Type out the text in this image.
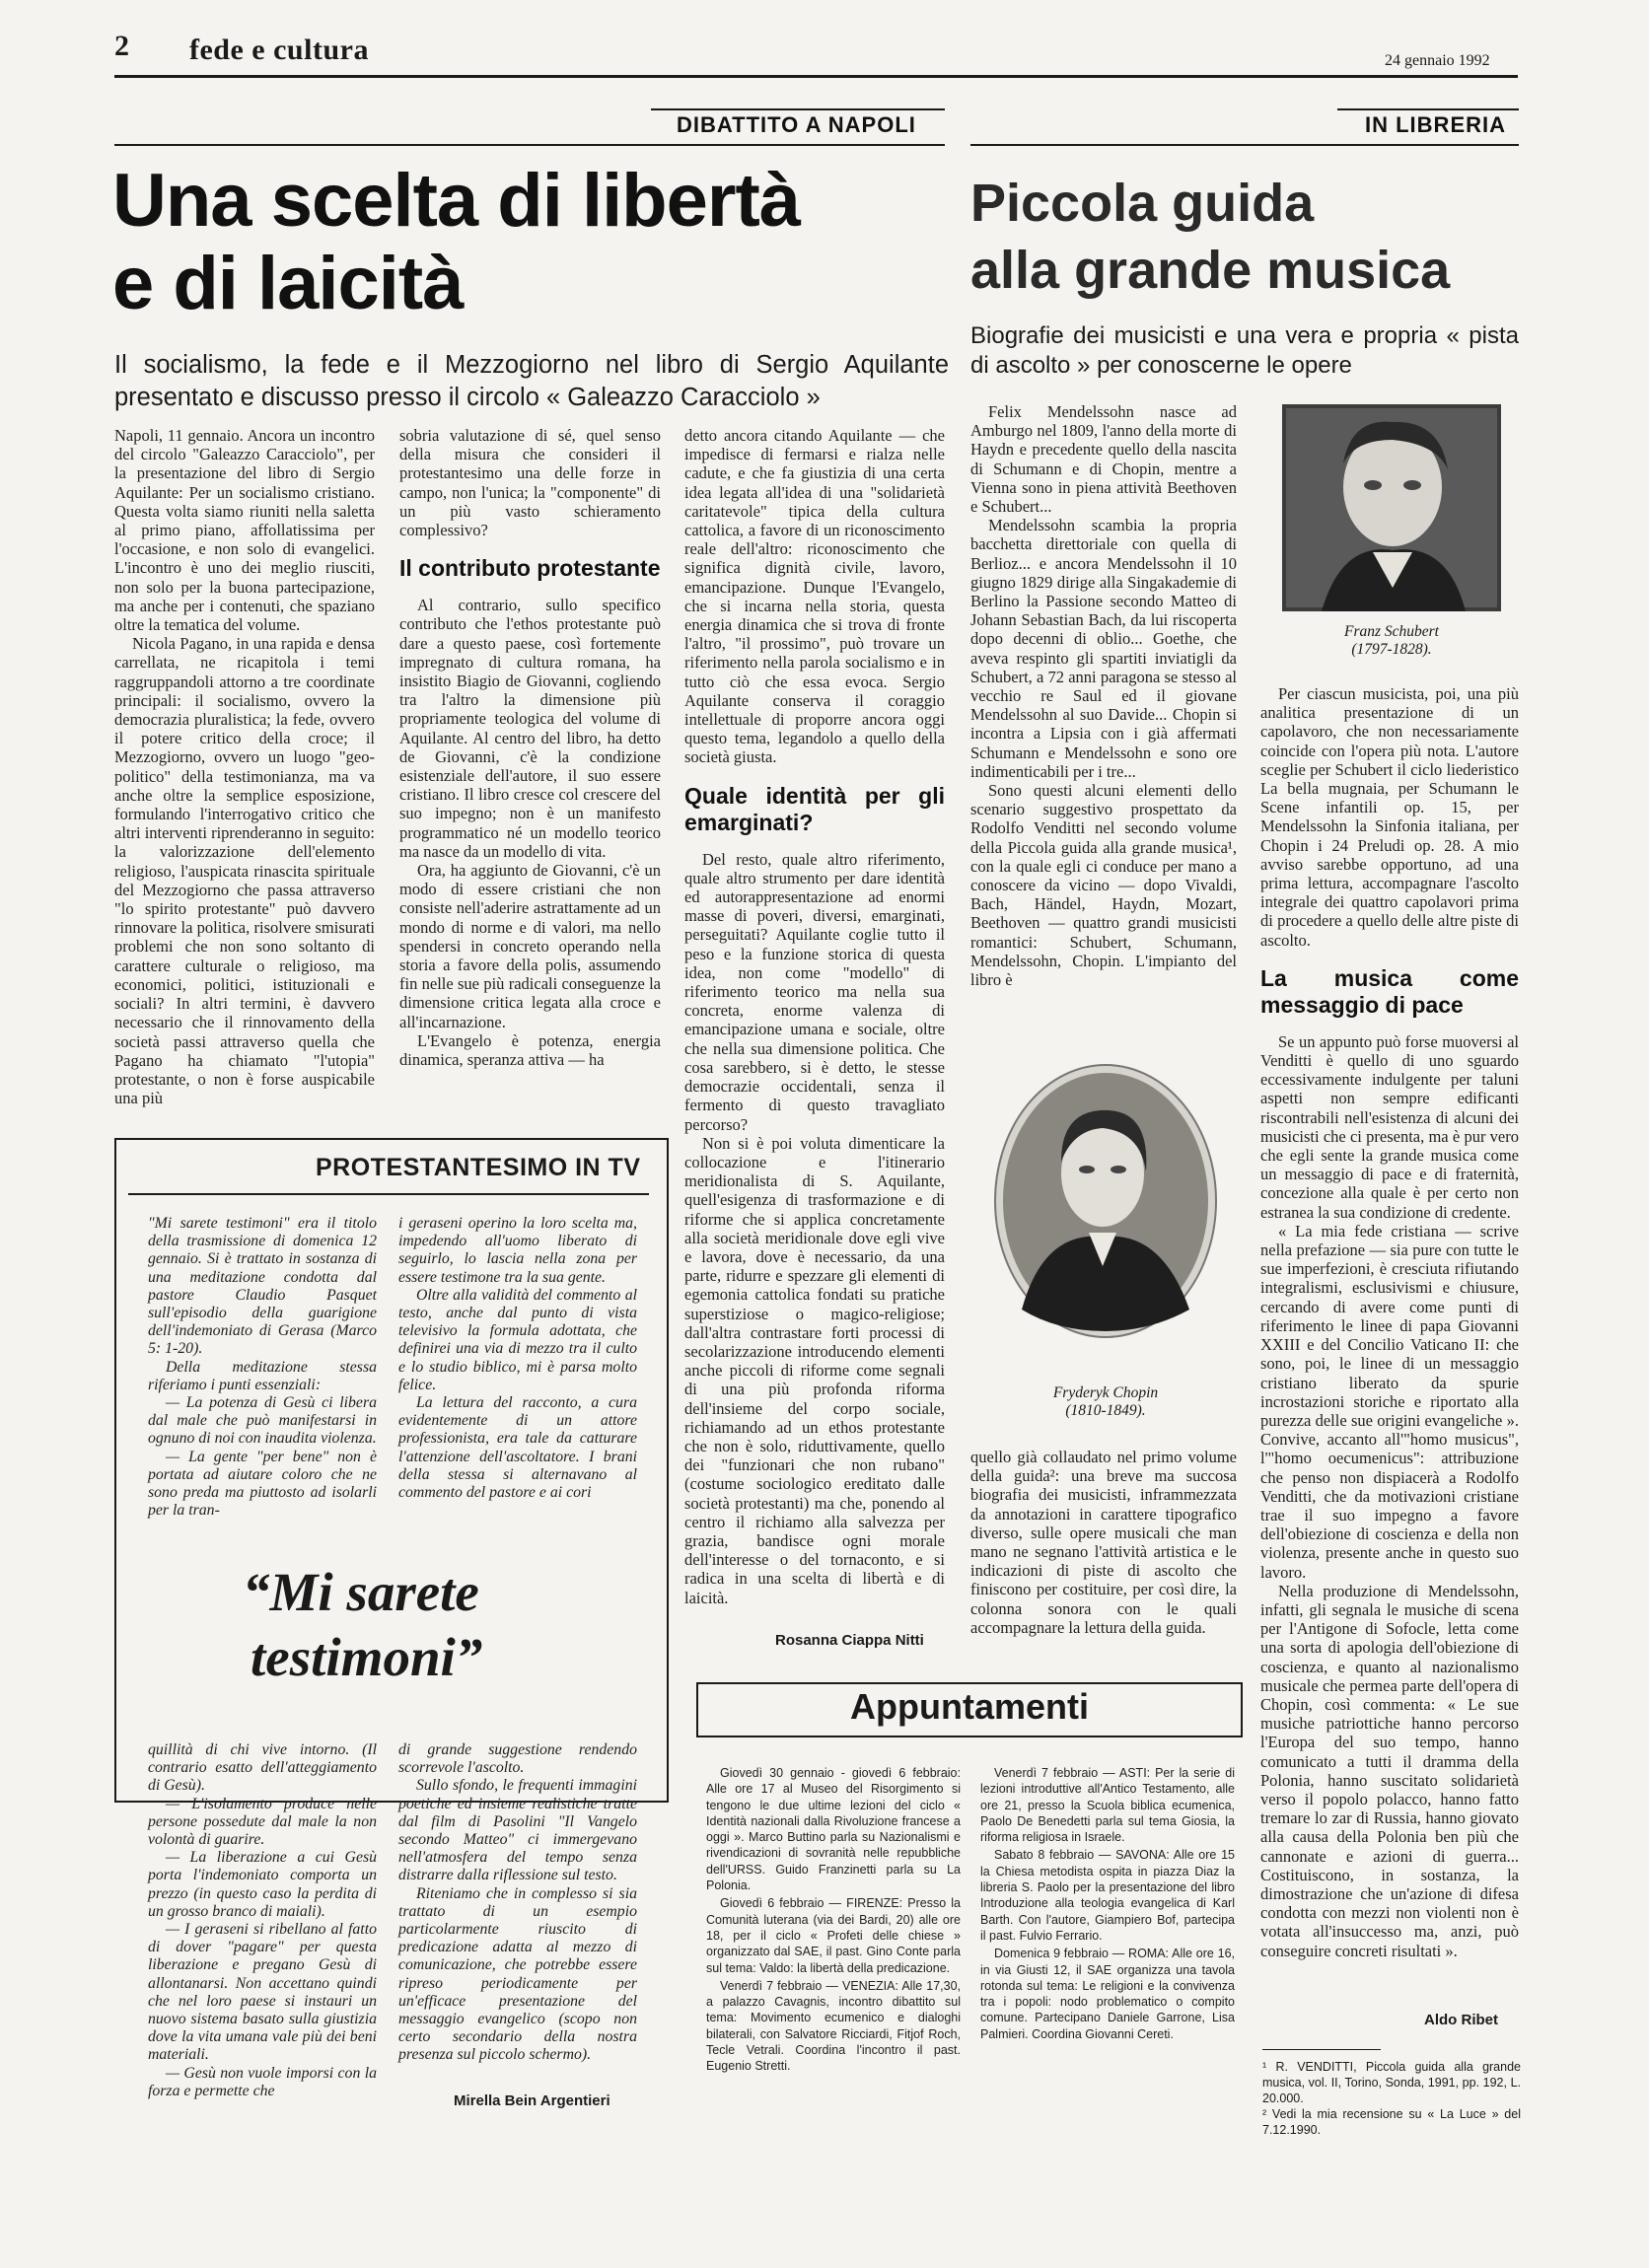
2 fede e cultura	24 gennaio 1992
DIBATTITO A NAPOLI
Una scelta di libertà
e di laicità
Il socialismo, la fede e il Mezzogiorno nel libro di Sergio Aquilante presentato e discusso presso il circolo « Galeazzo Caracciolo »

Napoli, 11 gennaio. Ancora un incontro del circolo "Galeazzo Caracciolo", per la presentazione del libro di Sergio Aquilante: Per un socialismo cristiano. Questa volta siamo riuniti nella saletta al primo piano, affollatissima per l'occasione, e non solo di evangelici. L'incontro è uno dei meglio riusciti, non solo per la buona partecipazione, ma anche per i contenuti, che spaziano oltre la tematica del volume.

Nicola Pagano, in una rapida e densa carrellata, ne ricapitola i temi raggruppandoli attorno a tre coordinate principali: il socialismo, ovvero la democrazia pluralistica; la fede, ovvero il potere critico della croce; il Mezzogiorno, ovvero un luogo "geo-politico" della testimonianza, ma va anche oltre la semplice esposizione, formulando l'interrogativo critico che altri interventi riprenderanno in seguito: la valorizzazione dell'elemento religioso, l'auspicata rinascita spirituale del Mezzogiorno che passa attraverso "lo spirito protestante" può davvero rinnovare la politica, risolvere smisurati problemi che non sono soltanto di carattere culturale o religioso, ma economici, politici, istituzionali e sociali? In altri termini, è davvero necessario che il rinnovamento della società passi attraverso quella che Pagano ha chiamato "l'utopia" protestante, o non è forse auspicabile una più

sobria valutazione di sé, quel senso della misura che consideri il protestantesimo una delle forze in campo, non l'unica; la "componente" di un più vasto schieramento complessivo?

Il contributo protestante

Al contrario, sullo specifico contributo che l'ethos protestante può dare a questo paese, così fortemente impregnato di cultura romana, ha insistito Biagio de Giovanni, cogliendo tra l'altro la dimensione più propriamente teologica del volume di Aquilante. Al centro del libro, ha detto de Giovanni, c'è la condizione esistenziale dell'autore, il suo essere cristiano. Il libro cresce col crescere del suo impegno; non è un manifesto programmatico né un modello teorico ma nasce da un modello di vita.

Ora, ha aggiunto de Giovanni, c'è un modo di essere cristiani che non consiste nell'aderire astrattamente ad un mondo di norme e di valori, ma nello spendersi in concreto operando nella storia a favore della polis, assumendo fin nelle sue più radicali conseguenze la dimensione critica legata alla croce e all'incarnazione.

L'Evangelo è potenza, energia dinamica, speranza attiva — ha

detto ancora citando Aquilante — che impedisce di fermarsi e rialza nelle cadute, e che fa giustizia di una certa idea legata all'idea di una "solidarietà caritatevole" tipica della cultura cattolica, a favore di un riconoscimento reale dell'altro: riconoscimento che significa dignità civile, lavoro, emancipazione. Dunque l'Evangelo, che si incarna nella storia, questa energia dinamica che si trova di fronte l'altro, "il prossimo", può trovare un riferimento nella parola socialismo e in tutto ciò che essa evoca. Sergio Aquilante conserva il coraggio intellettuale di proporre ancora oggi questo tema, legandolo a quello della società giusta.

Quale identità per gli emarginati?

Del resto, quale altro riferimento, quale altro strumento per dare identità ed autorappresentazione ad enormi masse di poveri, diversi, emarginati, perseguitati? Aquilante coglie tutto il peso e la funzione storica di questa idea, non come "modello" di riferimento teorico ma nella sua concreta, enorme valenza di emancipazione umana e sociale, oltre che nella sua dimensione politica. Che cosa sarebbero, si è detto, le stesse democrazie occidentali, senza il fermento di questo travagliato percorso?

Non si è poi voluta dimenticare la collocazione e l'itinerario meridionalista di S. Aquilante, quell'esigenza di trasformazione e di riforme che si applica concretamente alla società meridionale dove egli vive e lavora, dove è necessario, da una parte, ridurre e spezzare gli elementi di egemonia cattolica fondati su pratiche superstiziose o magico-religiose; dall'altra contrastare forti processi di secolarizzazione introducendo elementi anche piccoli di riforme come segnali di una più profonda riforma dell'insieme del corpo sociale, richiamando ad un ethos protestante che non è solo, riduttivamente, quello dei "funzionari che non rubano" (costume sociologico ereditato dalle società protestanti) ma che, ponendo al centro il richiamo alla salvezza per grazia, bandisce ogni morale dell'interesse o del tornaconto, e si radica in una scelta di libertà e di laicità.

Rosanna Ciappa Nitti
PROTESTANTESIMO IN TV

"Mi sarete testimoni" era il titolo della trasmissione di domenica 12 gennaio. Si è trattato in sostanza di una meditazione condotta dal pastore Claudio Pasquet sull'episodio della guarigione dell'indemoniato di Gerasa (Marco 5: 1-20).

Della meditazione stessa riferiamo i punti essenziali:

— La potenza di Gesù ci libera dal male che può manifestarsi in ognuno di noi con inaudita violenza.

— La gente "per bene" non è portata ad aiutare coloro che ne sono preda ma piuttosto ad isolarli per la tran-

i geraseni operino la loro scelta ma, impedendo all'uomo liberato di seguirlo, lo lascia nella zona per essere testimone tra la sua gente.

Oltre alla validità del commento al testo, anche dal punto di vista televisivo la formula adottata, che definirei una via di mezzo tra il culto e lo studio biblico, mi è parsa molto felice.

La lettura del racconto, a cura evidentemente di un attore professionista, era tale da catturare l'attenzione dell'ascoltatore. I brani della stessa si alternavano al commento del pastore e ai cori

“Mi sarete
testimoni”

quillità di chi vive intorno. (Il contrario esatto dell'atteggiamento di Gesù).

— L'isolamento produce nelle persone possedute dal male la non volontà di guarire.

— La liberazione a cui Gesù porta l'indemoniato comporta un prezzo (in questo caso la perdita di un grosso branco di maiali).

— I geraseni si ribellano al fatto di dover "pagare" per questa liberazione e pregano Gesù di allontanarsi. Non accettano quindi che nel loro paese si instauri un nuovo sistema basato sulla giustizia dove la vita umana vale più dei beni materiali.

— Gesù non vuole imporsi con la forza e permette che

di grande suggestione rendendo scorrevole l'ascolto.

Sullo sfondo, le frequenti immagini poetiche ed insieme realistiche tratte dal film di Pasolini "Il Vangelo secondo Matteo" ci immergevano nell'atmosfera del tempo senza distrarre dalla riflessione sul testo.

Riteniamo che in complesso si sia trattato di un esempio particolarmente riuscito di predicazione adatta al mezzo di comunicazione, che potrebbe essere ripreso periodicamente per un'efficace presentazione del messaggio evangelico (scopo non certo secondario della nostra presenza sul piccolo schermo).

Mirella Bein Argentieri
IN LIBRERIA
Piccola guida
alla grande musica
Biografie dei musicisti e una vera e propria « pista di ascolto » per conoscerne le opere
Franz Schubert
(1797-1828).

Felix Mendelssohn nasce ad Amburgo nel 1809, l'anno della morte di Haydn e precedente quello della nascita di Schumann e di Chopin, mentre a Vienna sono in piena attività Beethoven e Schubert...

Mendelssohn scambia la propria bacchetta direttoriale con quella di Berlioz... e ancora Mendelssohn il 10 giugno 1829 dirige alla Singakademie di Berlino la Passione secondo Matteo di Johann Sebastian Bach, da lui riscoperta dopo decenni di oblio... Goethe, che aveva respinto gli spartiti inviatigli da Schubert, a 72 anni paragona se stesso al vecchio re Saul ed il giovane Mendelssohn al suo Davide... Chopin si incontra a Lipsia con i già affermati Schumann e Mendelssohn e sono ore indimenticabili per i tre...

Sono questi alcuni elementi dello scenario suggestivo prospettato da Rodolfo Venditti nel secondo volume della Piccola guida alla grande musica¹, con la quale egli ci conduce per mano a conoscere da vicino — dopo Vivaldi, Bach, Händel, Haydn, Mozart, Beethoven — quattro grandi musicisti romantici: Schubert, Schumann, Mendelssohn, Chopin. L'impianto del libro è

Fryderyk Chopin
(1810-1849).

quello già collaudato nel primo volume della guida²: una breve ma succosa biografia dei musicisti, inframmezzata da annotazioni in carattere tipografico diverso, sulle opere musicali che man mano ne segnano l'attività artistica e le indicazioni di piste di ascolto che finiscono per costituire, per così dire, la colonna sonora con le quali accompagnare la lettura della guida.

Per ciascun musicista, poi, una più analitica presentazione di un capolavoro, che non necessariamente coincide con l'opera più nota. L'autore sceglie per Schubert il ciclo liederistico La bella mugnaia, per Schumann le Scene infantili op. 15, per Mendelssohn la Sinfonia italiana, per Chopin i 24 Preludi op. 28. A mio avviso sarebbe opportuno, ad una prima lettura, accompagnare l'ascolto integrale dei quattro capolavori prima di procedere a quello delle altre piste di ascolto.

La musica come messaggio di pace

Se un appunto può forse muoversi al Venditti è quello di uno sguardo eccessivamente indulgente per taluni aspetti non sempre edificanti riscontrabili nell'esistenza di alcuni dei musicisti che ci presenta, ma è pur vero che egli sente la grande musica come un messaggio di pace e di fraternità, concezione alla quale è per certo non estranea la sua condizione di credente.

« La mia fede cristiana — scrive nella prefazione — sia pure con tutte le sue imperfezioni, è cresciuta rifiutando integralismi, esclusivismi e chiusure, cercando di avere come punti di riferimento le linee di papa Giovanni XXIII e del Concilio Vaticano II: che sono, poi, le linee di un messaggio cristiano liberato da spurie incrostazioni storiche e riportato alla purezza delle sue origini evangeliche ». Convive, accanto all'"homo musicus", l'"homo oecumenicus": attribuzione che penso non dispiacerà a Rodolfo Venditti, che da motivazioni cristiane trae il suo impegno a favore dell'obiezione di coscienza e della non violenza, presente anche in questo suo lavoro.

Nella produzione di Mendelssohn, infatti, gli segnala le musiche di scena per l'Antigone di Sofocle, letta come una sorta di apologia dell'obiezione di coscienza, e quanto al nazionalismo musicale che permea parte dell'opera di Chopin, così commenta: « Le sue musiche patriottiche hanno percorso l'Europa del suo tempo, hanno comunicato a tutti il dramma della Polonia, hanno suscitato solidarietà verso il popolo polacco, hanno fatto tremare lo zar di Russia, hanno giovato alla causa della Polonia ben più che cannonate e azioni di guerra... Costituiscono, in sostanza, la dimostrazione che un'azione di difesa condotta con mezzi non violenti non è votata all'insuccesso ma, anzi, può conseguire concreti risultati ».

Aldo Ribet
¹ R. VENDITTI, Piccola guida alla grande musica, vol. II, Torino, Sonda, 1991, pp. 192, L. 20.000.
² Vedi la mia recensione su « La Luce » del 7.12.1990.
Appuntamenti

Giovedì 30 gennaio - giovedì 6 febbraio: Alle ore 17 al Museo del Risorgimento si tengono le due ultime lezioni del ciclo « Identità nazionali dalla Rivoluzione francese a oggi ». Marco Buttino parla su Nazionalismi e rivendicazioni di sovranità nelle repubbliche dell'URSS. Guido Franzinetti parla su La Polonia.

Giovedì 6 febbraio — FIRENZE: Presso la Comunità luterana (via dei Bardi, 20) alle ore 18, per il ciclo « Profeti delle chiese » organizzato dal SAE, il past. Gino Conte parla sul tema: Valdo: la libertà della predicazione.

Venerdì 7 febbraio — VENEZIA: Alle 17,30, a palazzo Cavagnis, incontro dibattito sul tema: Movimento ecumenico e dialoghi bilaterali, con Salvatore Ricciardi, Fitjof Roch, Tecle Vetrali. Coordina l'incontro il past. Eugenio Stretti.

Venerdì 7 febbraio — ASTI: Per la serie di lezioni introduttive all'Antico Testamento, alle ore 21, presso la Scuola biblica ecumenica, Paolo De Benedetti parla sul tema Giosia, la riforma religiosa in Israele.

Sabato 8 febbraio — SAVONA: Alle ore 15 la Chiesa metodista ospita in piazza Diaz la libreria S. Paolo per la presentazione del libro Introduzione alla teologia evangelica di Karl Barth. Con l'autore, Giampiero Bof, partecipa il past. Fulvio Ferrario.

Domenica 9 febbraio — ROMA: Alle ore 16, in via Giusti 12, il SAE organizza una tavola rotonda sul tema: Le religioni e la convivenza tra i popoli: nodo problematico o compito comune. Partecipano Daniele Garrone, Lisa Palmieri. Coordina Giovanni Cereti.
